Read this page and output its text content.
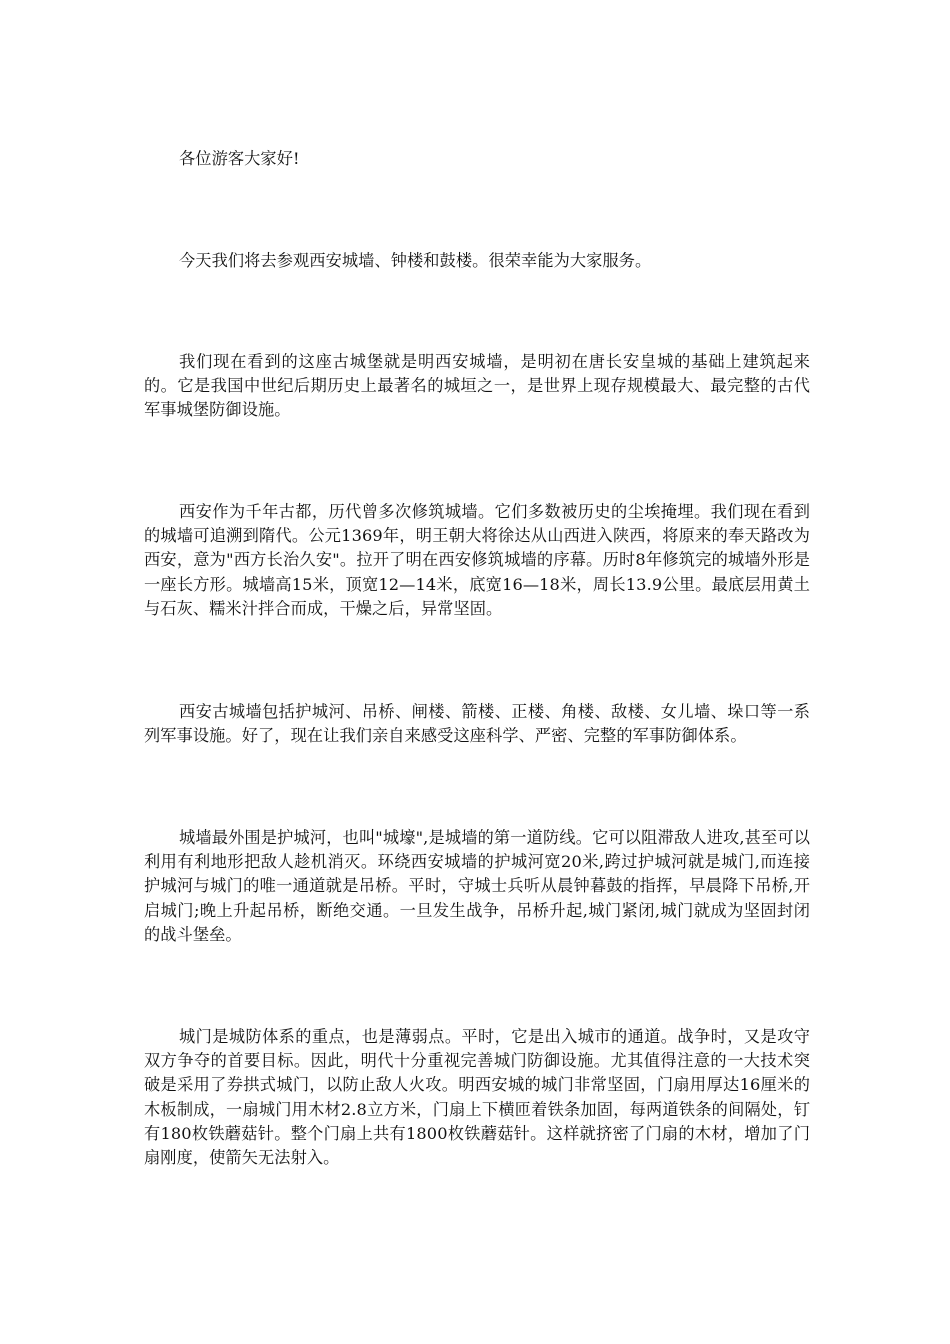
各位游客大家好!

今天我们将去参观西安城墙、钟楼和鼓楼。很荣幸能为大家服务。

我们现在看到的这座古城堡就是明西安城墙，是明初在唐长安皇城的基础上建筑起来的。它是我国中世纪后期历史上最著名的城垣之一，是世界上现存规模最大、最完整的古代军事城堡防御设施。

西安作为千年古都，历代曾多次修筑城墙。它们多数被历史的尘埃掩埋。我们现在看到的城墙可追溯到隋代。公元1369年，明王朝大将徐达从山西进入陕西，将原来的奉天路改为西安，意为"西方长治久安"。拉开了明在西安修筑城墙的序幕。历时8年修筑完的城墙外形是一座长方形。城墙高15米，顶宽12—14米，底宽16—18米，周长13.9公里。最底层用黄土与石灰、糯米汁拌合而成，干燥之后，异常坚固。

西安古城墙包括护城河、吊桥、闸楼、箭楼、正楼、角楼、敌楼、女儿墙、垛口等一系列军事设施。好了，现在让我们亲自来感受这座科学、严密、完整的军事防御体系。

城墙最外围是护城河，也叫"城壕",是城墙的第一道防线。它可以阻滞敌人进攻,甚至可以利用有利地形把敌人趁机消灭。环绕西安城墙的护城河宽20米,跨过护城河就是城门,而连接护城河与城门的唯一通道就是吊桥。平时，守城士兵听从晨钟暮鼓的指挥，早晨降下吊桥,开启城门;晚上升起吊桥，断绝交通。一旦发生战争，吊桥升起,城门紧闭,城门就成为坚固封闭的战斗堡垒。

城门是城防体系的重点，也是薄弱点。平时，它是出入城市的通道。战争时，又是攻守双方争夺的首要目标。因此，明代十分重视完善城门防御设施。尤其值得注意的一大技术突破是采用了券拱式城门，以防止敌人火攻。明西安城的城门非常坚固，门扇用厚达16厘米的木板制成，一扇城门用木材2.8立方米，门扇上下横匝着铁条加固，每两道铁条的间隔处，钉有180枚铁蘑菇针。整个门扇上共有1800枚铁蘑菇针。这样就挤密了门扇的木材，增加了门扇刚度，使箭矢无法射入。
